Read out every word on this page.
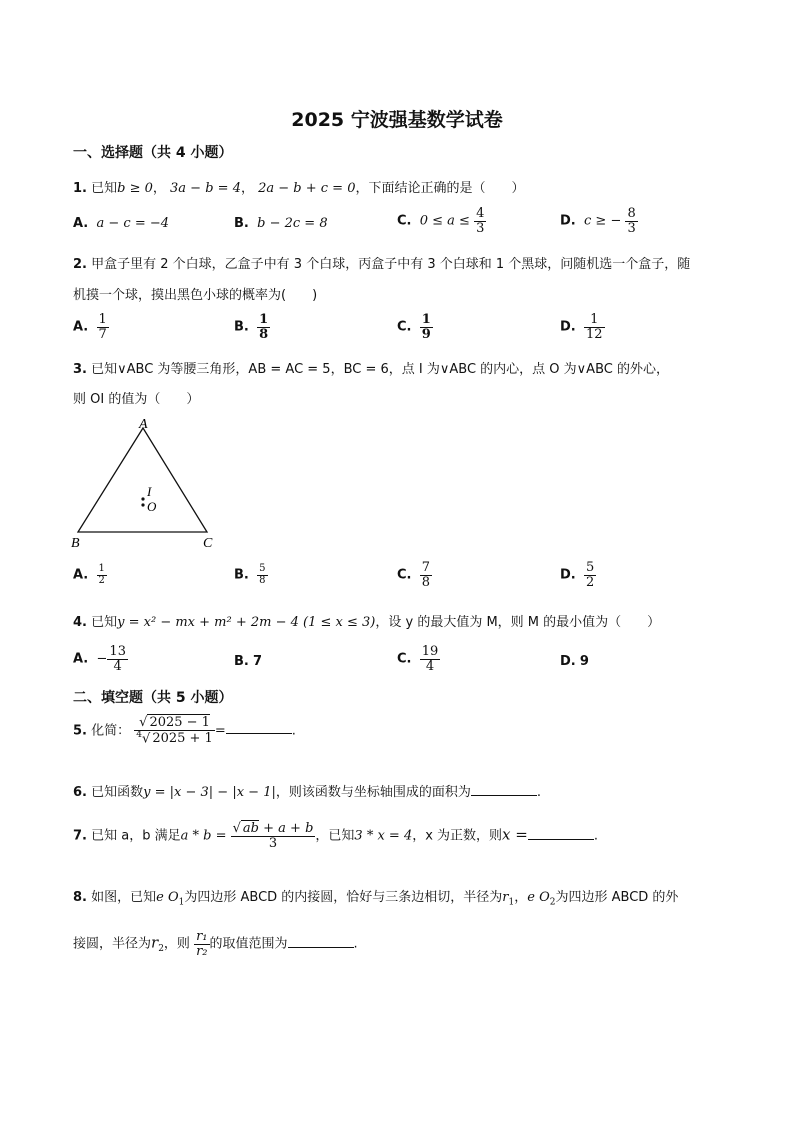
2025 宁波强基数学试卷
一、选择题（共 4 小题）
1. 已知b ≥ 0， 3a − b = 4， 2a − b + c = 0，下面结论正确的是（　　）
A. a − c = −4	B. b − 2c = 8	C. $0 \le a \le \frac{4}{3}$	D. c ≥ − $\frac{8}{3}$
2. 甲盒子里有 2 个白球，乙盒子中有 3 个白球，丙盒子中有 3 个白球和 1 个黑球，问随机选一个盒子，随
机摸一个球，摸出黑色小球的概率为(　　)
A. $\frac{1}{7}$	B. $\frac{1}{8}$	C. $\frac{1}{9}$	D. $\frac{1}{12}$
3. 已知∨ABC 为等腰三角形，AB = AC = 5，BC = 6，点 I 为∨ABC 的内心，点 O 为∨ABC 的外心，
则 OI 的值为（　　）
A
B	C
I
O
A. $\frac{1}{2}$	B. $\frac{5}{8}$	C. $\frac{7}{8}$	D. $\frac{5}{2}$
4. 已知y = x² − mx + m² + 2m − 4 (1 ≤ x ≤ 3)，设 y 的最大值为 M，则 M 的最小值为（　　）
A. − $\frac{13}{4}$	B. 7	C. $\frac{19}{4}$	D. 9
二、填空题（共 5 小题）
5. 化简： $\frac{√ 2025 - 1}{^4√ 2025 + 1}$ =	.
6. 已知函数y = |x − 3| − |x − 1|，则该函数与坐标轴围成的面积为	.
7. 已知 a，b 满足$a * b = \frac{√ ab + a + b}{3}$ ，已知3 * x = 4，x 为正数，则x =	.
8. 如图，已知e $O_1$为四边形 ABCD 的内接圆，恰好与三条边相切，半径为$r_1$，e $O_2$为四边形 ABCD 的外
接圆，半径为$r_2$，则 $\frac{\text{r₁}}{\text{r₂}}$ 的取值范围为	.
